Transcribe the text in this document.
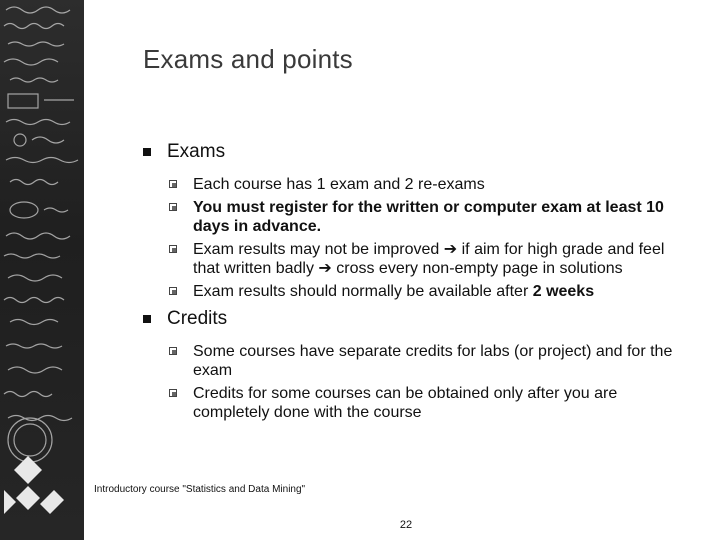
Exams and points
Exams
Each course has 1 exam and 2 re-exams
You must register for the written or computer exam at least 10 days in advance.
Exam results may not be improved ➔ if aim for high grade and feel that written badly ➔ cross every non-empty page in solutions
Exam results should normally be available after 2 weeks
Credits
Some courses have separate credits for labs (or project) and for the exam
Credits for some courses can be obtained only after you are completely done with the course
Introductory course "Statistics and Data Mining"
22
